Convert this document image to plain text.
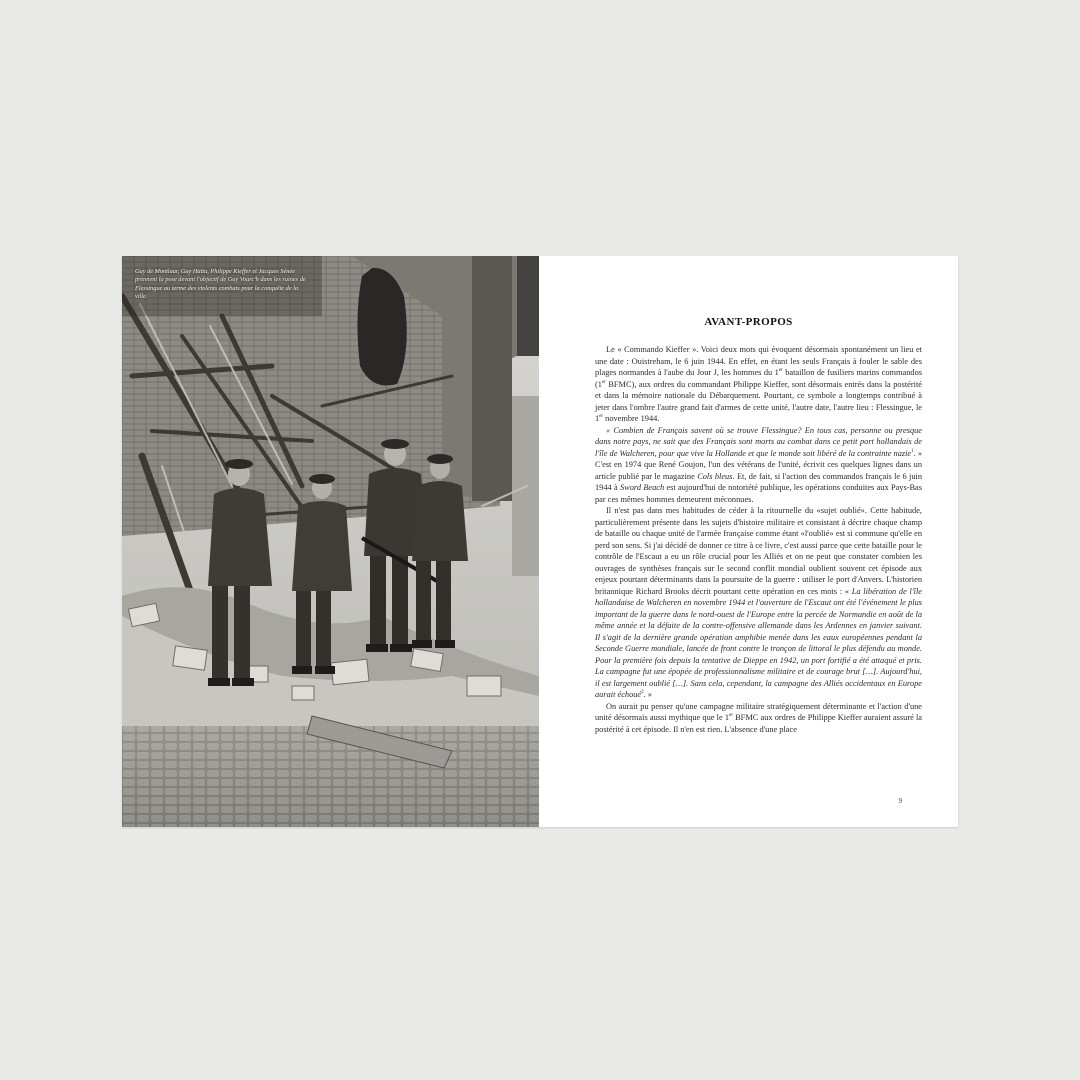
Guy de Montlaur, Guy Hattu, Philippe Kieffer et Jacques Sénée prennent la pose devant l'objectif de Guy Vourc'h dans les ruines de Flessingue au terme des violents combats pour la conquête de la ville.
AVANT-PROPOS

Le « Commando Kieffer ». Voici deux mots qui évoquent désormais spontanément un lieu et une date : Ouistreham, le 6 juin 1944. En effet, en étant les seuls Français à fouler le sable des plages normandes à l'aube du Jour J, les hommes du 1er bataillon de fusiliers marins commandos (1er BFMC), aux ordres du commandant Philippe Kieffer, sont désormais entrés dans la postérité et dans la mémoire nationale du Débarquement. Pourtant, ce symbole a longtemps contribué à jeter dans l'ombre l'autre grand fait d'armes de cette unité, l'autre date, l'autre lieu : Flessingue, le 1er novembre 1944.

« Combien de Français savent où se trouve Flessingue? En tous cas, personne ou presque dans notre pays, ne sait que des Français sont morts au combat dans ce petit port hollandais de l'île de Walcheren, pour que vive la Hollande et que le monde soit libéré de la contrainte nazie$^1$. » C'est en 1974 que René Goujon, l'un des vétérans de l'unité, écrivit ces quelques lignes dans un article publié par le magazine Cols bleus. Et, de fait, si l'action des commandos français le 6 juin 1944 à Sword Beach est aujourd'hui de notoriété publique, les opérations conduites aux Pays-Bas par ces mêmes hommes demeurent méconnues.

Il n'est pas dans mes habitudes de céder à la ritournelle du «sujet oublié». Cette habitude, particulièrement présente dans les sujets d'histoire militaire et consistant à décrire chaque champ de bataille ou chaque unité de l'armée française comme étant «l'oublié» est si commune qu'elle en perd son sens. Si j'ai décidé de donner ce titre à ce livre, c'est aussi parce que cette bataille pour le contrôle de l'Escaut a eu un rôle crucial pour les Alliés et on ne peut que constater combien les ouvrages de synthèses français sur le second conflit mondial oublient souvent cet épisode aux enjeux pourtant déterminants dans la poursuite de la guerre : utiliser le port d'Anvers. L'historien britannique Richard Brooks décrit pourtant cette opération en ces mots : « La libération de l'île hollandaise de Walcheren en novembre 1944 et l'ouverture de l'Escaut ont été l'événement le plus important de la guerre dans le nord-ouest de l'Europe entre la percée de Normandie en août de la même année et la défaite de la contre-offensive allemande dans les Ardennes en janvier suivant. Il s'agit de la dernière grande opération amphibie menée dans les eaux européennes pendant la Seconde Guerre mondiale, lancée de front contre le tronçon de littoral le plus défendu au monde. Pour la première fois depuis la tentative de Dieppe en 1942, un port fortifié a été attaqué et pris. La campagne fut une épopée de professionnalisme militaire et de courage brut […]. Aujourd'hui, il est largement oublié […]. Sans cela, cependant, la campagne des Alliés occidentaux en Europe aurait échoué$^2$. »

On aurait pu penser qu'une campagne militaire stratégiquement déterminante et l'action d'une unité désormais aussi mythique que le 1er BFMC aux ordres de Philippe Kieffer auraient assuré la postérité à cet épisode. Il n'en est rien. L'absence d'une place

9
